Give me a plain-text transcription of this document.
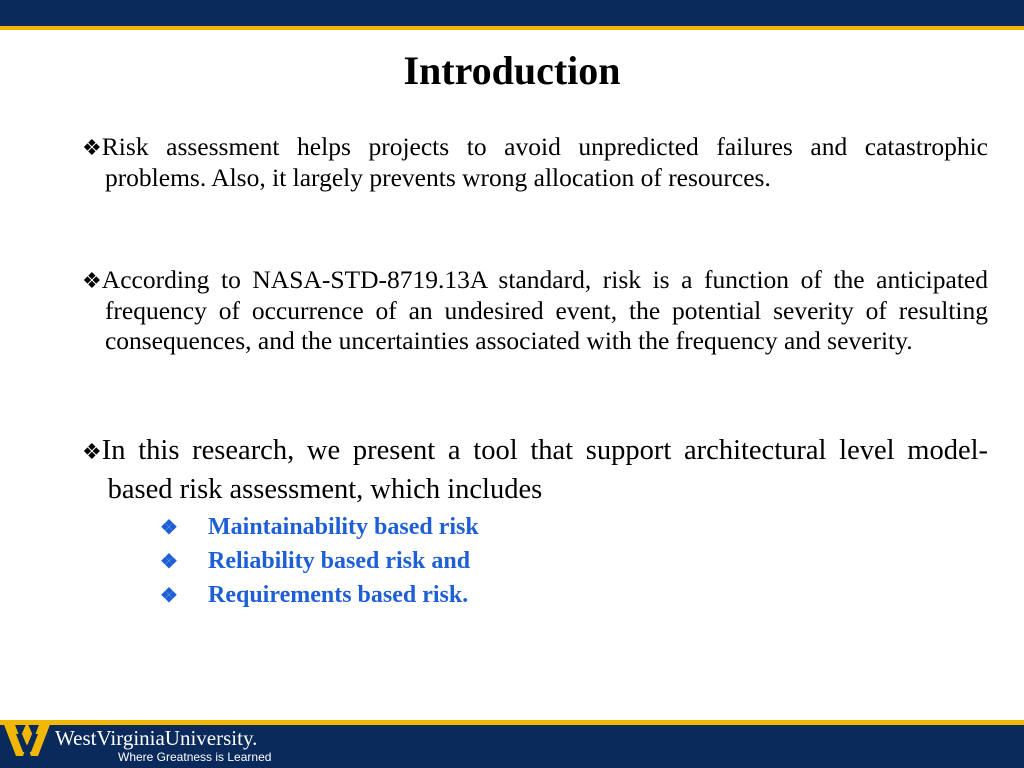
Introduction

❖Risk assessment helps projects to avoid unpredicted failures and catastrophic problems. Also, it largely prevents wrong allocation of resources.

❖According to NASA-STD-8719.13A standard, risk is a function of the anticipated frequency of occurrence of an undesired event, the potential severity of resulting consequences, and the uncertainties associated with the frequency and severity.

❖In this research, we present a tool that support architectural level model-based risk assessment, which includes

❖ Maintainability based risk
❖ Reliability based risk and
❖ Requirements based risk.
WestVirginiaUniversity.
Where Greatness is Learned
